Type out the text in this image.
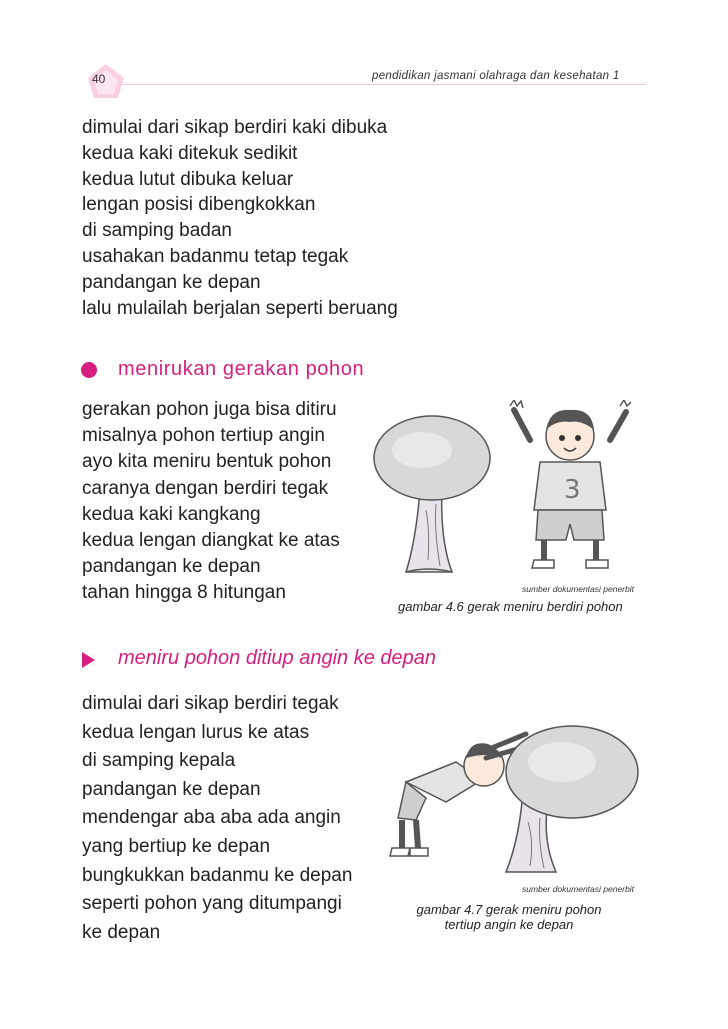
40	pendidikan jasmani olahraga dan kesehatan 1
dimulai dari sikap berdiri kaki dibuka
kedua kaki ditekuk sedikit
kedua lutut dibuka keluar
lengan posisi dibengkokkan
di samping badan
usahakan badanmu tetap tegak
pandangan ke depan
lalu mulailah berjalan seperti beruang
menirukan gerakan pohon
gerakan pohon juga bisa ditiru
misalnya pohon tertiup angin
ayo kita meniru bentuk pohon
caranya dengan berdiri tegak
kedua kaki kangkang
kedua lengan diangkat ke atas
pandangan ke depan
tahan hingga 8 hitungan
3
sumber dokumentasi penerbit
gambar 4.6 gerak meniru berdiri pohon
meniru pohon ditiup angin ke depan
dimulai dari sikap berdiri tegak
kedua lengan lurus ke atas
di samping kepala
pandangan ke depan
mendengar aba aba ada angin
yang bertiup ke depan
bungkukkan badanmu ke depan
seperti pohon yang ditumpangi
ke depan
sumber dokumentasi penerbit
gambar 4.7 gerak meniru pohon
tertiup angin ke depan
